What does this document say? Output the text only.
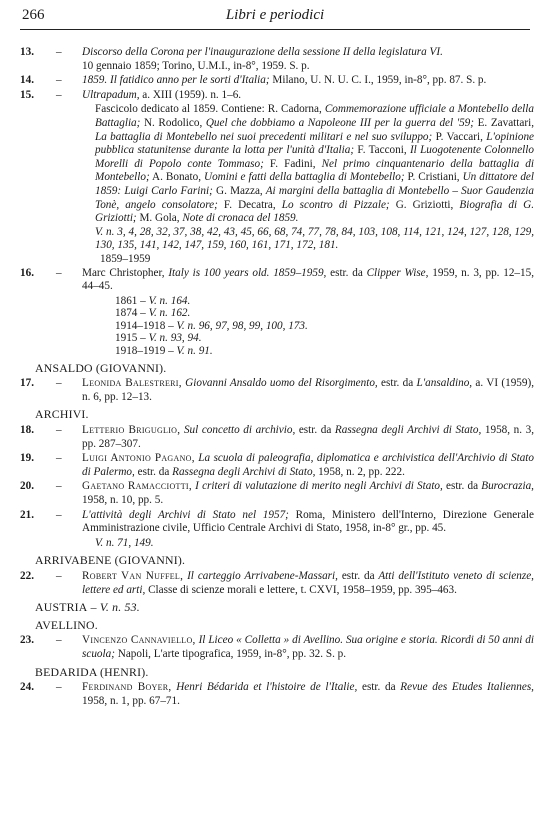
266	Libri e periodici
13. – Discorso della Corona per l'inaugurazione della sessione II della legislatura VI.
10 gennaio 1859; Torino, U.M.I., in-8°, 1959. S. p.
14. – 1859. Il fatidico anno per le sorti d'Italia; Milano, U. N. U. C. I., 1959, in-8°, pp. 87. S. p.
15. – Ultrapadum, a. XIII (1959). n. 1–6.
Fascicolo dedicato al 1859. Contiene: R. Cadorna, Commemorazione ufficiale a Montebello della Battaglia; N. Rodolico, Quel che dobbiamo a Napoleone III per la guerra del '59; E. Zavattari, La battaglia di Montebello nei suoi precedenti militari e nel suo sviluppo; P. Vaccari, L'opinione pubblica statunitense durante la lotta per l'unità d'Italia; F. Tacconi, Il Luogotenente Colonnello Morelli di Popolo conte Tommaso; F. Fadini, Nel primo cinquantenario della battaglia di Montebello; A. Bonato, Uomini e fatti della battaglia di Montebello; P. Cristiani, Un dittatore del 1859: Luigi Carlo Farini; G. Mazza, Ai margini della battaglia di Montebello – Suor Gaudenzia Tonè, angelo consolatore; F. Decatra, Lo scontro di Pizzale; G. Griziotti, Biografia di G. Griziotti; M. Gola, Note di cronaca del 1859.
V. n. 3, 4, 28, 32, 37, 38, 42, 43, 45, 66, 68, 74, 77, 78, 84, 103, 108, 114, 121, 124, 127, 128, 129, 130, 135, 141, 142, 147, 159, 160, 161, 171, 172, 181.
1859–1959
16. – Marc Christopher, Italy is 100 years old. 1859–1959, estr. da Clipper Wise, 1959, n. 3, pp. 12–15, 44–45.
1861 – V. n. 164.
1874 – V. n. 162.
1914–1918 – V. n. 96, 97, 98, 99, 100, 173.
1915 – V. n. 93, 94.
1918–1919 – V. n. 91.
ANSALDO (GIOVANNI).
17. – Leonida Balestreri, Giovanni Ansaldo uomo del Risorgimento, estr. da L'ansaldino, a. VI (1959), n. 6, pp. 12–13.
ARCHIVI.
18. – Letterio Briguglio, Sul concetto di archivio, estr. da Rassegna degli Archivi di Stato, 1958, n. 3, pp. 287–307.
19. – Luigi Antonio Pagano, La scuola di paleografia, diplomatica e archivistica dell'Archivio di Stato di Palermo, estr. da Rassegna degli Archivi di Stato, 1958, n. 2, pp. 222.
20. – Gaetano Ramacciotti, I criteri di valutazione di merito negli Archivi di Stato, estr. da Burocrazia, 1958, n. 10, pp. 5.
21. – L'attività degli Archivi di Stato nel 1957; Roma, Ministero dell'Interno, Direzione Generale Amministrazione civile, Ufficio Centrale Archivi di Stato, 1958, in-8° gr., pp. 45.
V. n. 71, 149.
ARRIVABENE (GIOVANNI).
22. – Robert Van Nuffel, Il carteggio Arrivabene-Massari, estr. da Atti dell'Istituto veneto di scienze, lettere ed arti, Classe di scienze morali e lettere, t. CXVI, 1958–1959, pp. 395–463.
AUSTRIA – V. n. 53.
AVELLINO.
23. – Vincenzo Cannaviello, Il Liceo « Colletta » di Avellino. Sua origine e storia. Ricordi di 50 anni di scuola; Napoli, L'arte tipografica, 1959, in-8°, pp. 32. S. p.
BEDARIDA (HENRI).
24. – Ferdinand Boyer, Henri Bédarida et l'histoire de l'Italie, estr. da Revue des Etudes Italiennes, 1958, n. 1, pp. 67–71.
